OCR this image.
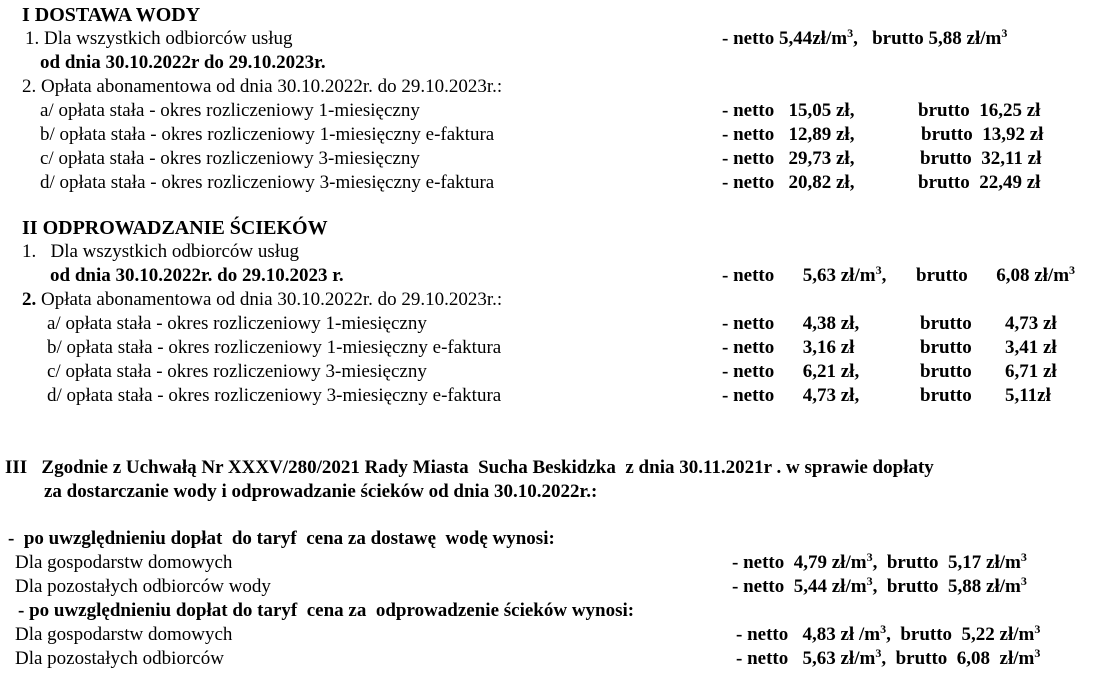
I DOSTAWA WODY
1. Dla wszystkich odbiorców usług	- netto $5,44zł/m^3$,   brutto 5,88 $zł/m^3$
od dnia 30.10.2022r do 29.10.2023r.
2. Opłata abonamentowa od dnia 30.10.2022r. do 29.10.2023r.:
a/ opłata stała - okres rozliczeniowy 1-miesięczny	- netto   15,05 zł,	brutto  16,25 zł
b/ opłata stała - okres rozliczeniowy 1-miesięczny e-faktura	- netto   12,89 zł,	brutto  13,92 zł
c/ opłata stała - okres rozliczeniowy 3-miesięczny	- netto   29,73 zł,	brutto  32,11 zł
d/ opłata stała - okres rozliczeniowy 3-miesięczny e-faktura	- netto   20,82 zł,	brutto  22,49 zł
II ODPROWADZANIE ŚCIEKÓW
1.   Dla wszystkich odbiorców usług
od dnia 30.10.2022r. do 29.10.2023 r.	- netto      5,63 $zł/m^3$, brutto      6,08 $zł/m^3$
2. Opłata abonamentowa od dnia 30.10.2022r. do 29.10.2023r.:
a/ opłata stała - okres rozliczeniowy 1-miesięczny	- netto      4,38 zł,	brutto       4,73 zł
b/ opłata stała - okres rozliczeniowy 1-miesięczny e-faktura	- netto      3,16 zł	brutto       3,41 zł
c/ opłata stała - okres rozliczeniowy 3-miesięczny	- netto      6,21 zł,	brutto       6,71 zł
d/ opłata stała - okres rozliczeniowy 3-miesięczny e-faktura	- netto      4,73 zł,	brutto       5,11zł
III   Zgodnie z Uchwałą Nr XXXV/280/2021 Rady Miasta  Sucha Beskidzka  z dnia 30.11.2021r . w sprawie dopłaty
za dostarczanie wody i odprowadzanie ścieków od dnia 30.10.2022r.:
-  po uwzględnieniu dopłat  do taryf  cena za dostawę  wodę wynosi:
Dla gospodarstw domowych	- netto  4,79 $zł/m^3$, brutto  5,17 $zł/m^3$
Dla pozostałych odbiorców wody	- netto  5,44 $zł/m^3$, brutto  5,88 $zł/m^3$
- po uwzględnieniu dopłat do taryf  cena za  odprowadzenie ścieków wynosi:
Dla gospodarstw domowych	- netto   4,83 zł $/m^3$, brutto  5,22 $zł/m^3$
Dla pozostałych odbiorców	- netto   5,63 $zł/m^3$, brutto  6,08  $zł/m^3$
